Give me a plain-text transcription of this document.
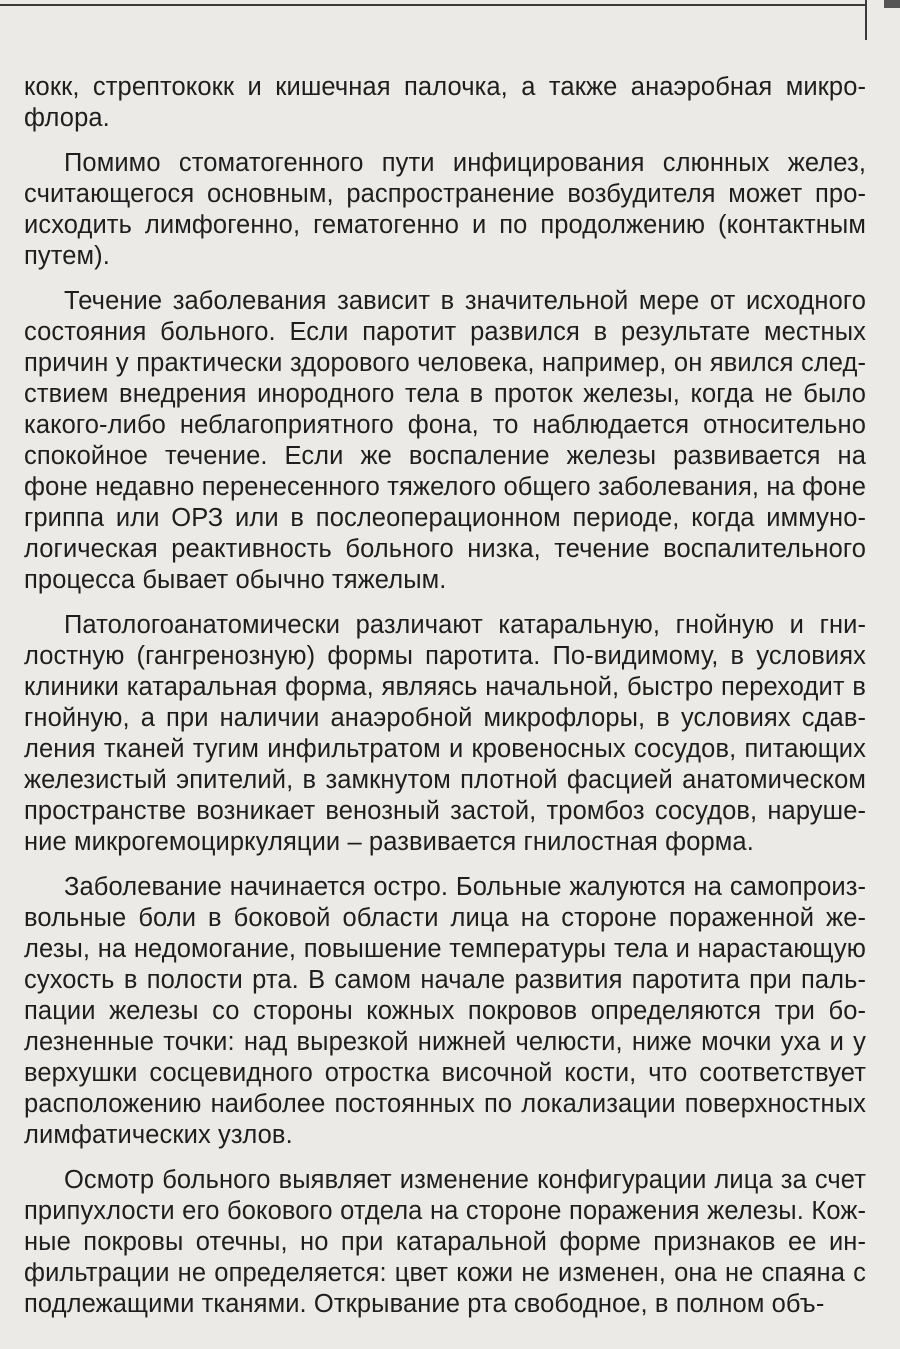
кокк, стрептококк и кишечная палочка, а также анаэробная микрофлора.

Помимо стоматогенного пути инфицирования слюнных желез, считающегося основным, распространение возбудителя может происходить лимфогенно, гематогенно и по продолжению (контактным путем).

Течение заболевания зависит в значительной мере от исходного состояния больного. Если паротит развился в результате местных причин у практически здорового человека, например, он явился следствием внедрения инородного тела в проток железы, когда не было какого-либо неблагоприятного фона, то наблюдается относительно спокойное течение. Если же воспаление железы развивается на фоне недавно перенесенного тяжелого общего заболевания, на фоне гриппа или ОРЗ или в послеоперационном периоде, когда иммунологическая реактивность больного низка, течение воспалительного процесса бывает обычно тяжелым.

Патологоанатомически различают катаральную, гнойную и гнилостную (гангренозную) формы паротита. По-видимому, в условиях клиники катаральная форма, являясь начальной, быстро переходит в гнойную, а при наличии анаэробной микрофлоры, в условиях сдавления тканей тугим инфильтратом и кровеносных сосудов, питающих железистый эпителий, в замкнутом плотной фасцией анатомическом пространстве возникает венозный застой, тромбоз сосудов, нарушение микрогемоциркуляции – развивается гнилостная форма.

Заболевание начинается остро. Больные жалуются на самопроизвольные боли в боковой области лица на стороне пораженной железы, на недомогание, повышение температуры тела и нарастающую сухость в полости рта. В самом начале развития паротита при пальпации железы со стороны кожных покровов определяются три болезненные точки: над вырезкой нижней челюсти, ниже мочки уха и у верхушки сосцевидного отростка височной кости, что соответствует расположению наиболее постоянных по локализации поверхностных лимфатических узлов.

Осмотр больного выявляет изменение конфигурации лица за счет припухлости его бокового отдела на стороне поражения железы. Кожные покровы отечны, но при катаральной форме признаков ее инфильтрации не определяется: цвет кожи не изменен, она не спаяна с подлежащими тканями. Открывание рта свободное, в полном объ-
